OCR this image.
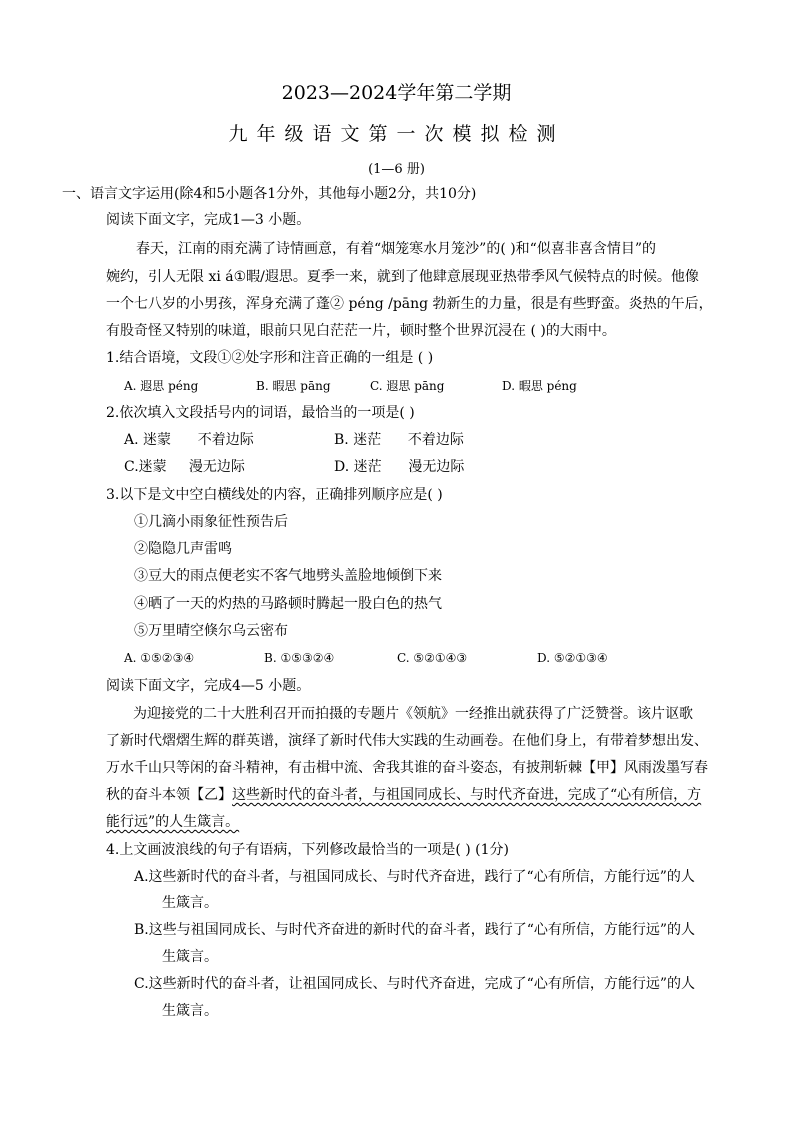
2023—2024学年第二学期
九年级语文第一次模拟检测
(1—6 册)
一、语言文字运用(除4和5小题各1分外，其他每小题2分，共10分)
阅读下面文字，完成1—3 小题。
春天，江南的雨充满了诗情画意，有着“烟笼寒水月笼沙”的( )和“似喜非喜含情目”的
婉约，引人无限 xi á①暇/遐思。夏季一来，就到了他肆意展现亚热带季风气候特点的时候。他像
一个七八岁的小男孩，浑身充满了蓬② péng /pāng 勃新生的力量，很是有些野蛮。炎热的午后，
有股奇怪又特别的味道，眼前只见白茫茫一片，顿时整个世界沉浸在 ( )的大雨中。
1.结合语境，文段①②处字形和注音正确的一组是 ( )
A. 遐思 péng	B. 暇思 pāng	C. 遐思 pāng	D. 暇思 péng
2.依次填入文段括号内的词语，最恰当的一项是( )
A. 迷蒙      不着边际	B. 迷茫      不着边际
C.迷蒙     漫无边际	D. 迷茫      漫无边际
3.以下是文中空白横线处的内容，正确排列顺序应是( )
①几滴小雨象征性预告后
②隐隐几声雷鸣
③豆大的雨点便老实不客气地劈头盖脸地倾倒下来
④晒了一天的灼热的马路顿时腾起一股白色的热气
⑤万里晴空倏尔乌云密布
A. ①⑤②③④	B. ①⑤③②④	C. ⑤②①④③	D. ⑤②①③④
阅读下面文字，完成4—5 小题。
为迎接党的二十大胜利召开而拍摄的专题片《领航》一经推出就获得了广泛赞誉。该片讴歌
了新时代熠熠生辉的群英谱，演绎了新时代伟大实践的生动画卷。在他们身上，有带着梦想出发、
万水千山只等闲的奋斗精神，有击楫中流、舍我其谁的奋斗姿态，有披荆斩棘【甲】风雨泼墨写春
秋的奋斗本领【乙】这些新时代的奋斗者，与祖国同成长、与时代齐奋进，完成了“心有所信，方
能行远”的人生箴言。
4.上文画波浪线的句子有语病，下列修改最恰当的一项是( ) (1分)
A.这些新时代的奋斗者，与祖国同成长、与时代齐奋进，践行了“心有所信，方能行远”的人
生箴言。
B.这些与祖国同成长、与时代齐奋进的新时代的奋斗者，践行了“心有所信，方能行远”的人
生箴言。
C.这些新时代的奋斗者，让祖国同成长、与时代齐奋进，完成了“心有所信，方能行远”的人
生箴言。
